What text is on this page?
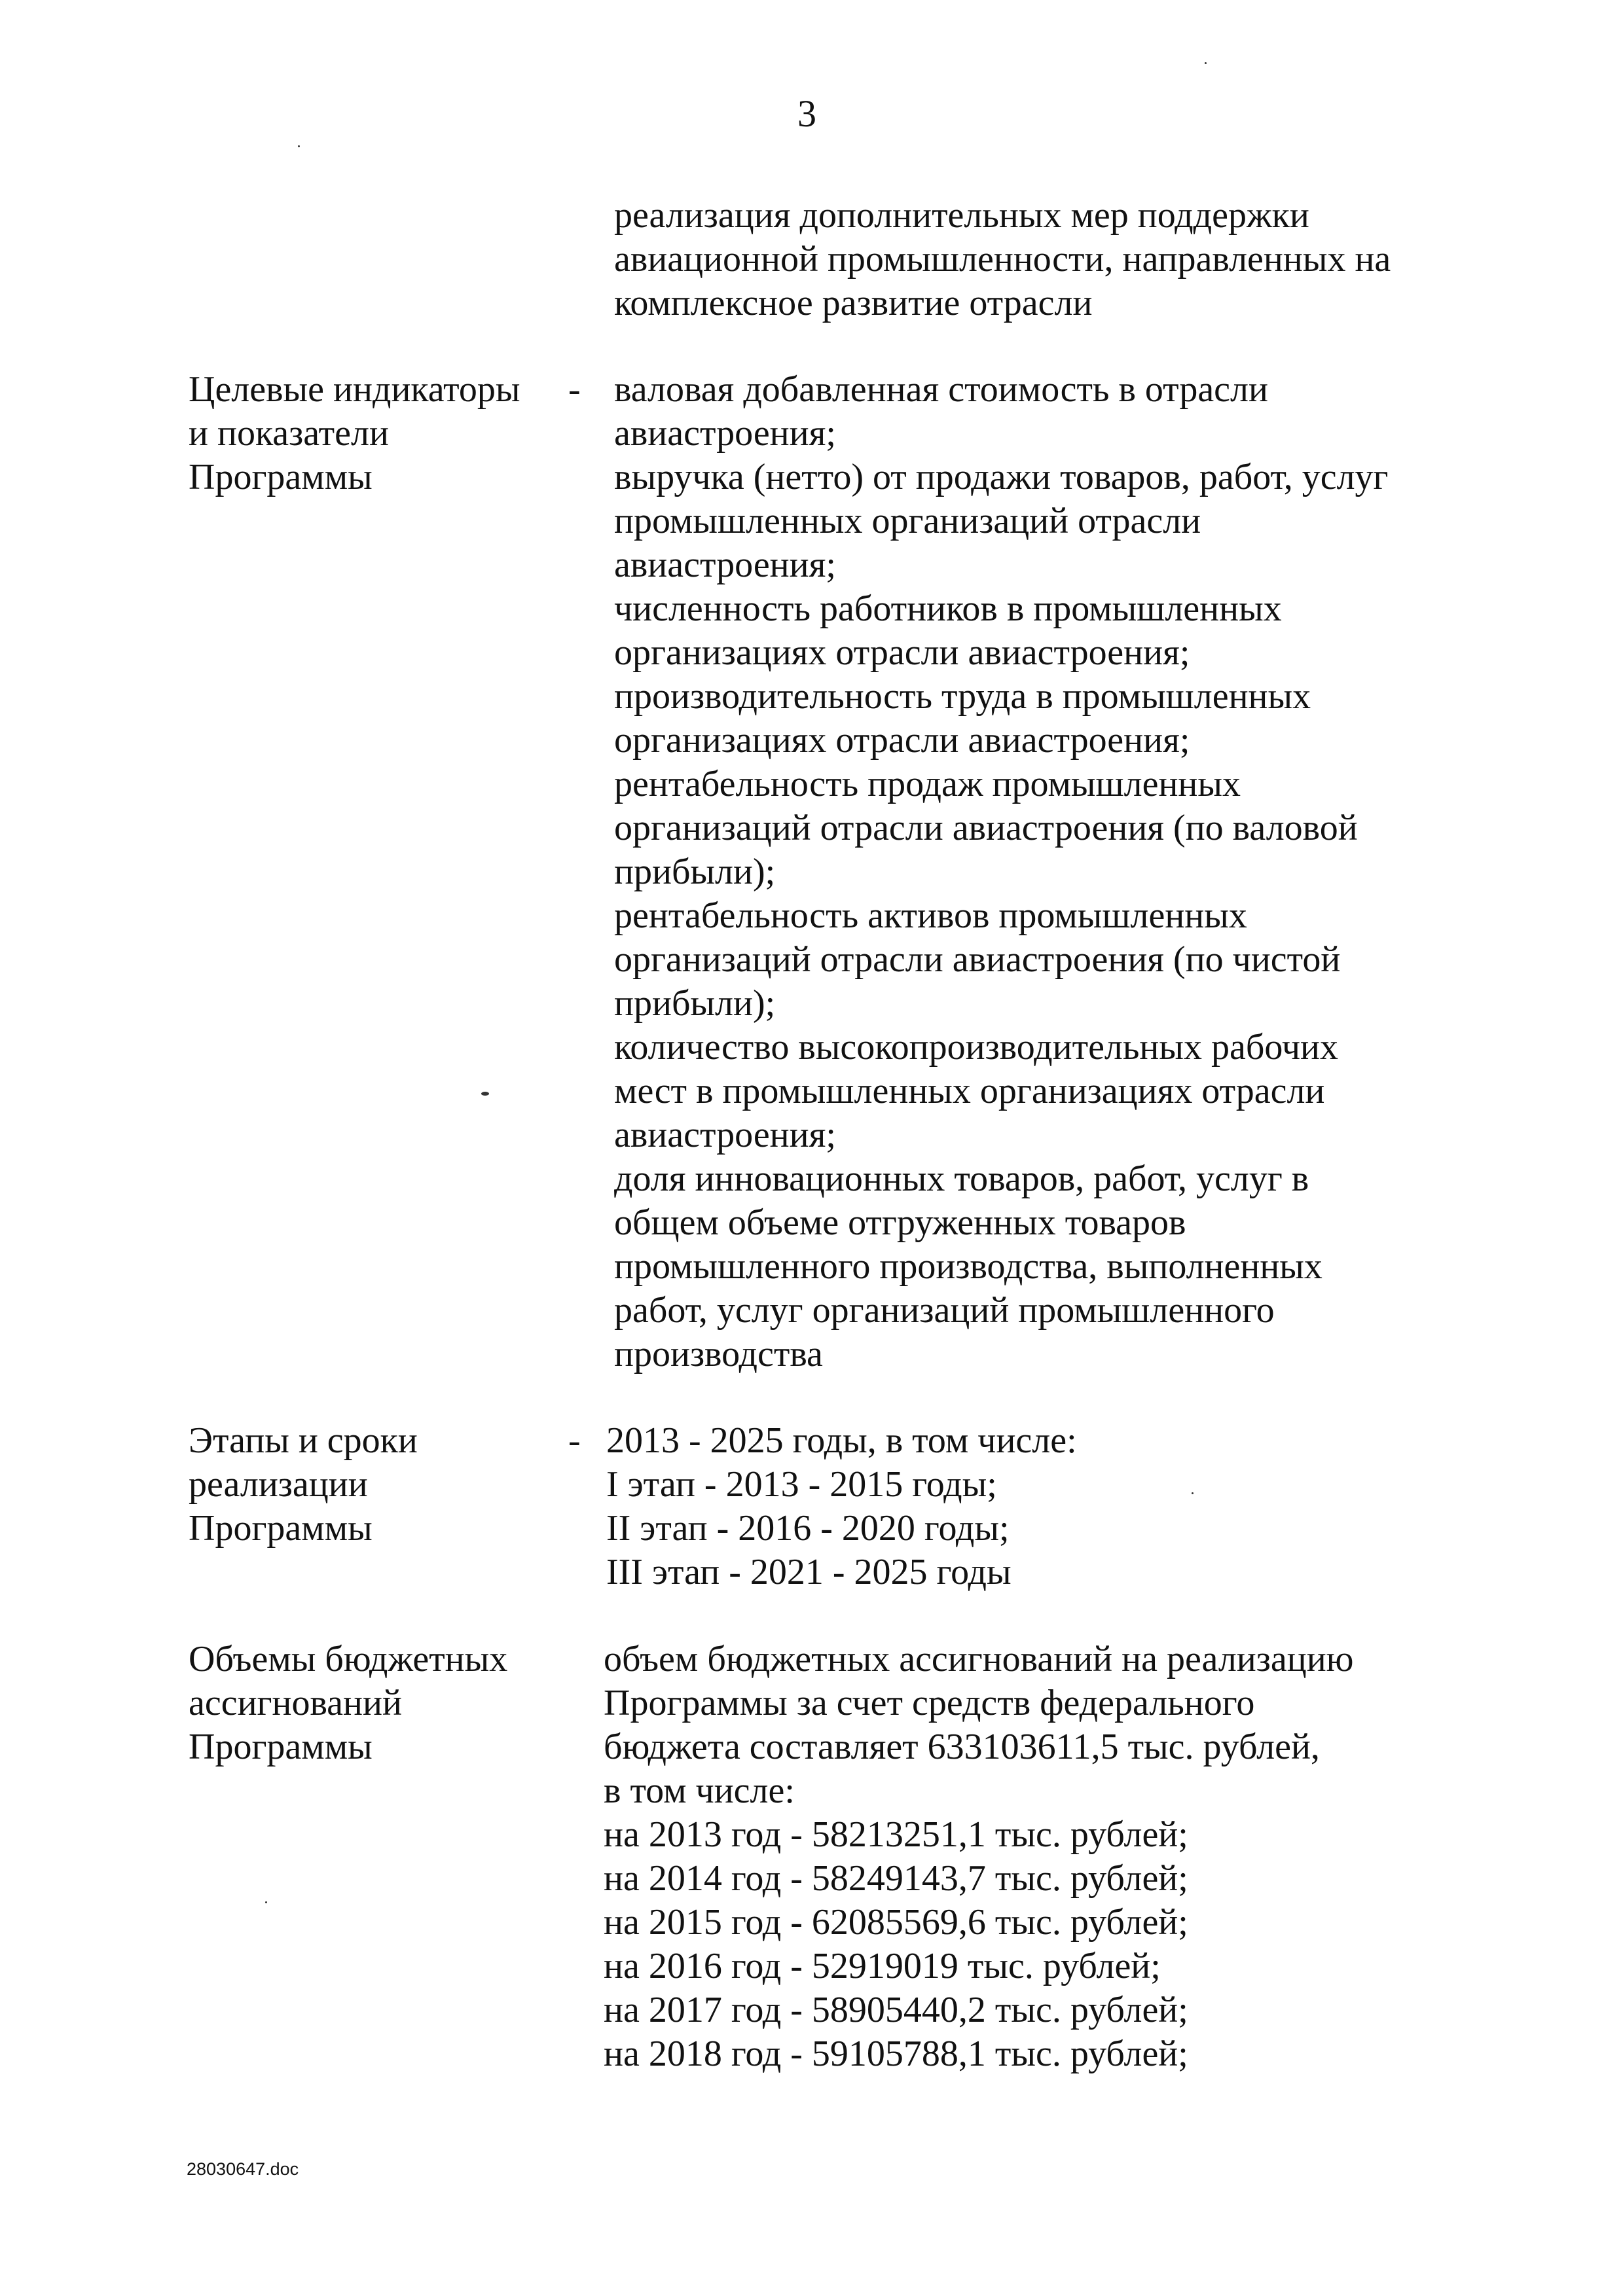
3
реализация дополнительных мер поддержки
авиационной промышленности, направленных на
комплексное развитие отрасли
Целевые индикаторы
и показатели
Программы
- валовая добавленная стоимость в отрасли
авиастроения;
выручка (нетто) от продажи товаров, работ, услуг
промышленных организаций отрасли
авиастроения;
численность работников в промышленных
организациях отрасли авиастроения;
производительность труда в промышленных
организациях отрасли авиастроения;
рентабельность продаж промышленных
организаций отрасли авиастроения (по валовой
прибыли);
рентабельность активов промышленных
организаций отрасли авиастроения (по чистой
прибыли);
количество высокопроизводительных рабочих
мест в промышленных организациях отрасли
авиастроения;
доля инновационных товаров, работ, услуг в
общем объеме отгруженных товаров
промышленного производства, выполненных
работ, услуг организаций промышленного
производства
Этапы и сроки
реализации
Программы
- 2013 - 2025 годы, в том числе:
I этап - 2013 - 2015 годы;
II этап - 2016 - 2020 годы;
III этап - 2021 - 2025 годы
Объемы бюджетных
ассигнований
Программы
объем бюджетных ассигнований на реализацию
Программы за счет средств федерального
бюджета составляет 633103611,5 тыс. рублей,
в том числе:
на 2013 год - 58213251,1 тыс. рублей;
на 2014 год - 58249143,7 тыс. рублей;
на 2015 год - 62085569,6 тыс. рублей;
на 2016 год - 52919019 тыс. рублей;
на 2017 год - 58905440,2 тыс. рублей;
на 2018 год - 59105788,1 тыс. рублей;
28030647.doc
